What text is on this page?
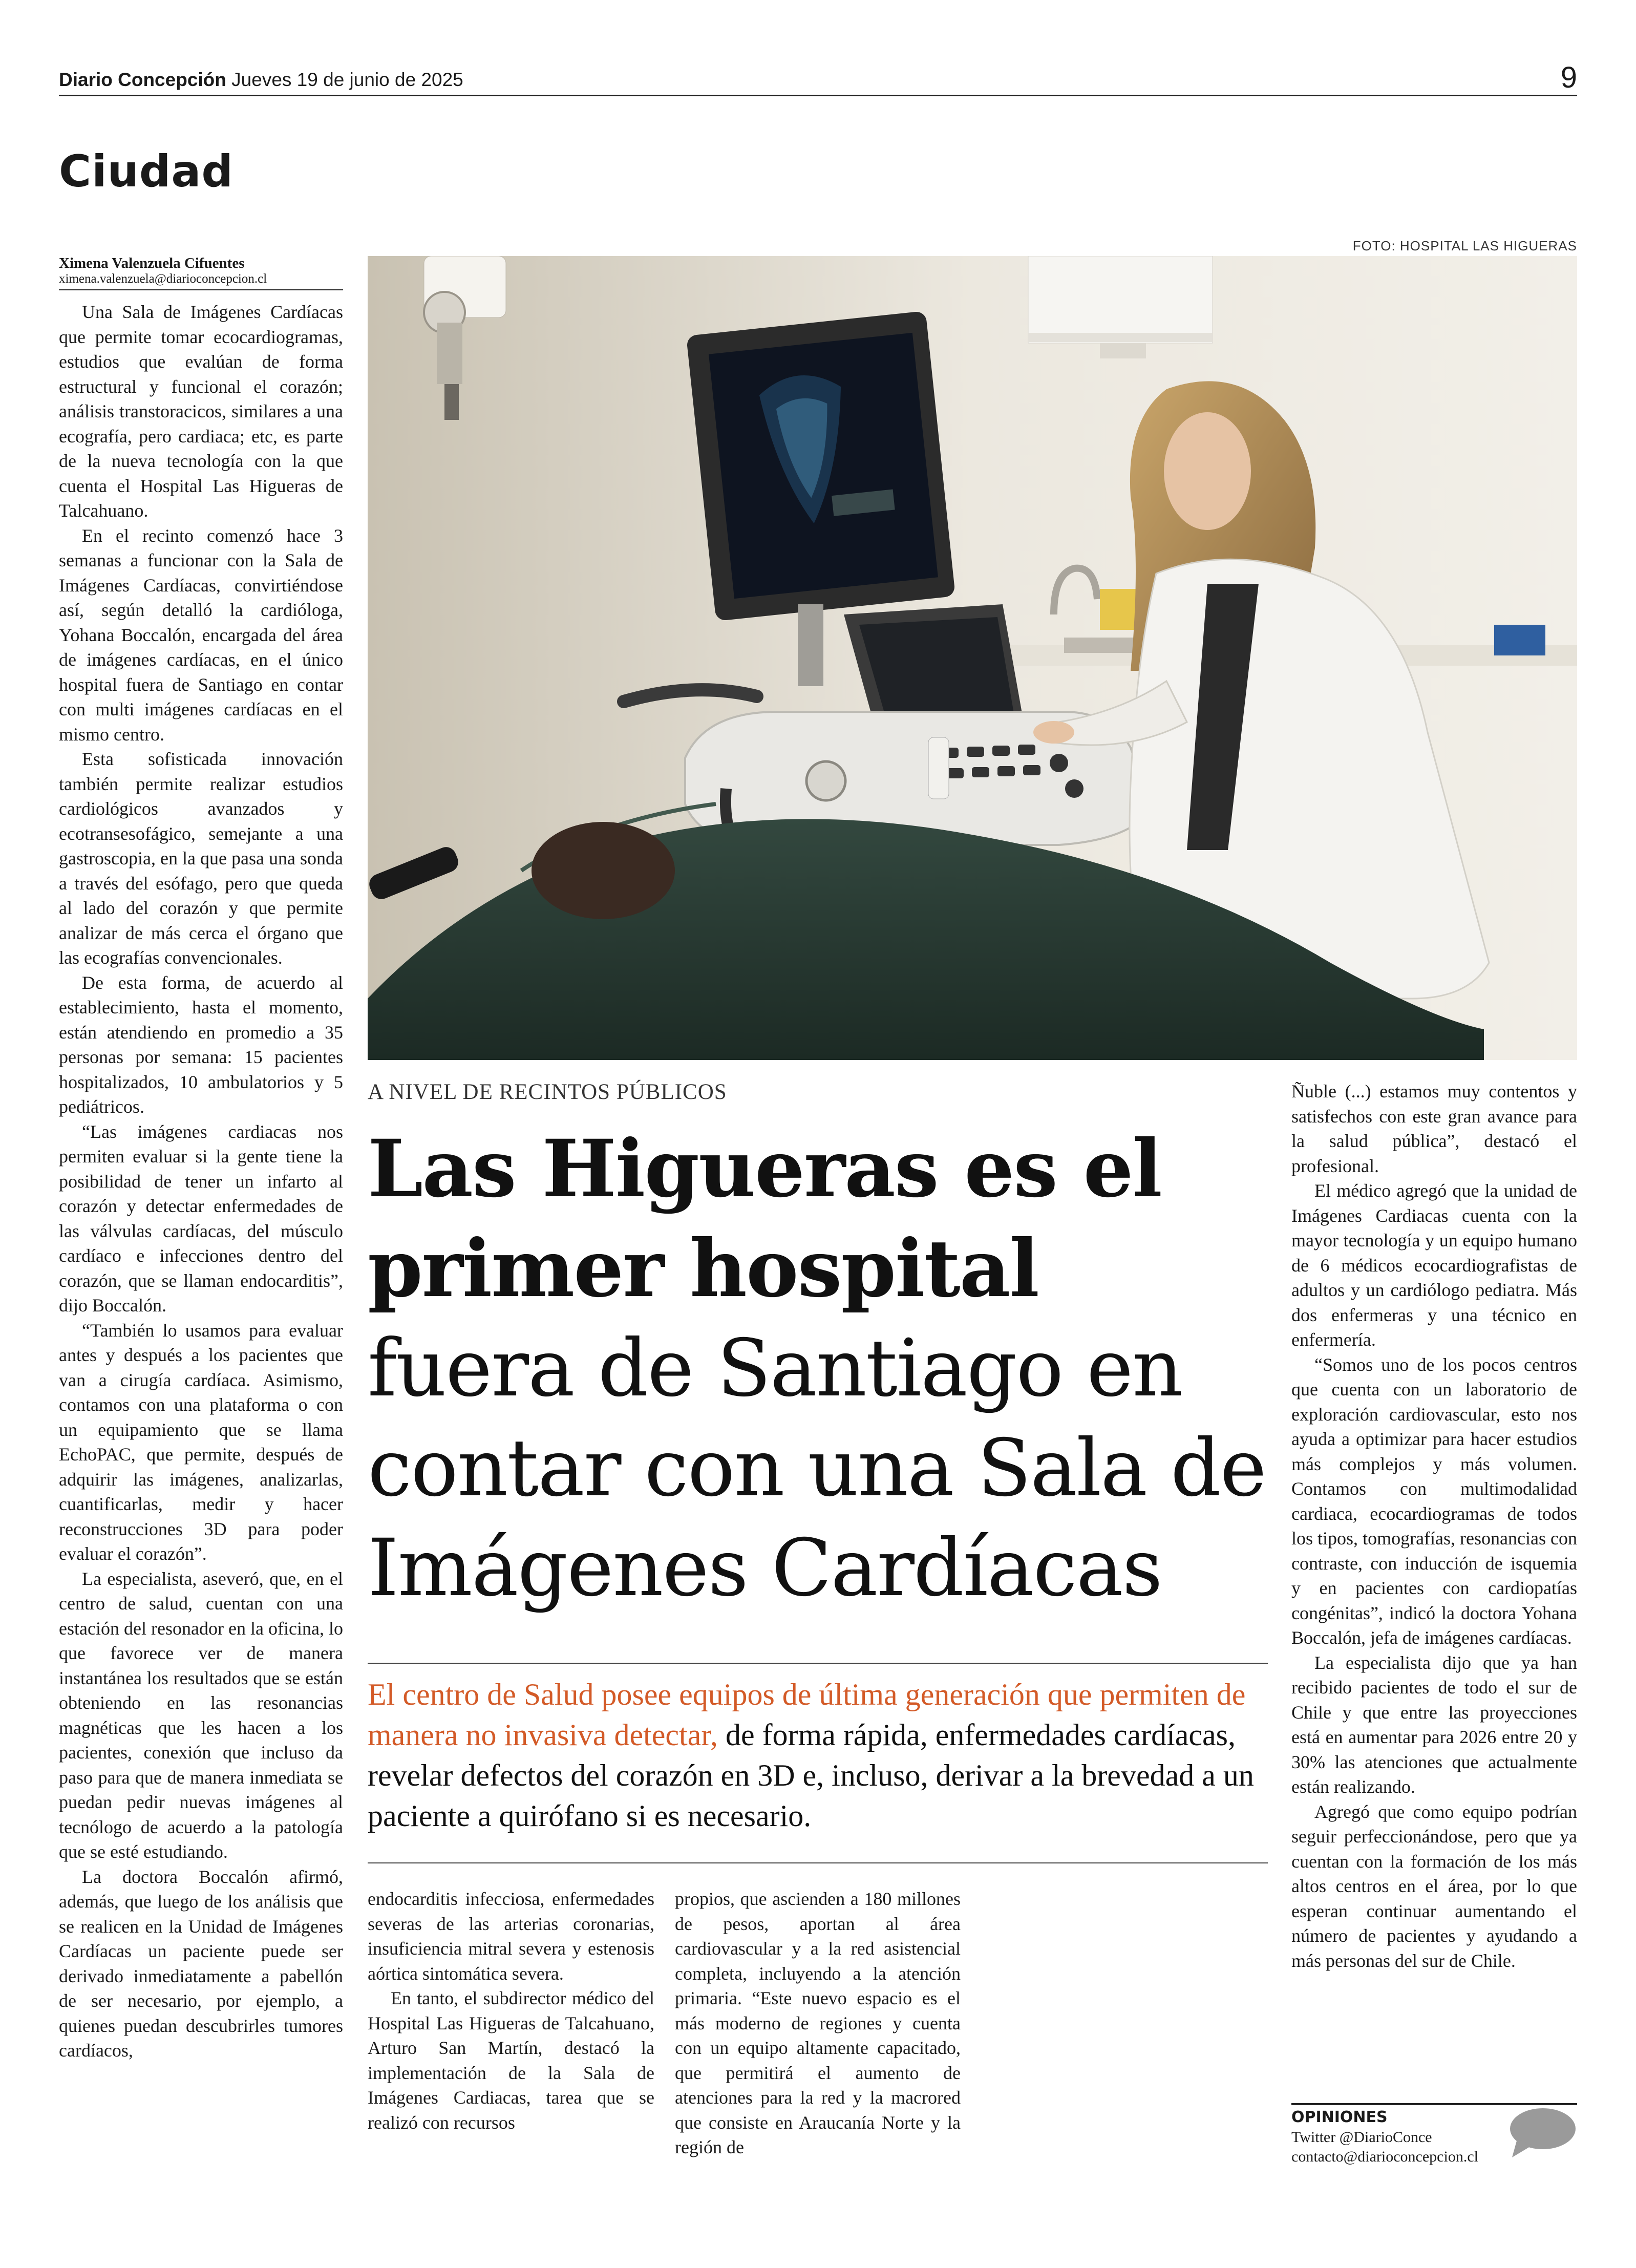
Diario Concepción Jueves 19 de junio de 2025	9
Ciudad
Ximena Valenzuela Cifuentes
ximena.valenzuela@diarioconcepcion.cl

Una Sala de Imágenes Cardíacas que permite tomar ecocardiogramas, estudios que evalúan de forma estructural y funcional el corazón; análisis transtoracicos, similares a una ecografía, pero cardiaca; etc, es parte de la nueva tecnología con la que cuenta el Hospital Las Higueras de Talcahuano.

En el recinto comenzó hace 3 semanas a funcionar con la Sala de Imágenes Cardíacas, convirtiéndose así, según detalló la cardióloga, Yohana Boccalón, encargada del área de imágenes cardíacas, en el único hospital fuera de Santiago en contar con multi imágenes cardíacas en el mismo centro.

Esta sofisticada innovación también permite realizar estudios cardiológicos avanzados y ecotransesofágico, semejante a una gastroscopia, en la que pasa una sonda a través del esófago, pero que queda al lado del corazón y que permite analizar de más cerca el órgano que las ecografías convencionales.

De esta forma, de acuerdo al establecimiento, hasta el momento, están atendiendo en promedio a 35 personas por semana: 15 pacientes hospitalizados, 10 ambulatorios y 5 pediátricos.

“Las imágenes cardiacas nos permiten evaluar si la gente tiene la posibilidad de tener un infarto al corazón y detectar enfermedades de las válvulas cardíacas, del músculo cardíaco e infecciones dentro del corazón, que se llaman endocarditis”, dijo Boccalón.

“También lo usamos para evaluar antes y después a los pacientes que van a cirugía cardíaca. Asimismo, contamos con una plataforma o con un equipamiento que se llama EchoPAC, que permite, después de adquirir las imágenes, analizarlas, cuantificarlas, medir y hacer reconstrucciones 3D para poder evaluar el corazón”.

La especialista, aseveró, que, en el centro de salud, cuentan con una estación del resonador en la oficina, lo que favorece ver de manera instantánea los resultados que se están obteniendo en las resonancias magnéticas que les hacen a los pacientes, conexión que incluso da paso para que de manera inmediata se puedan pedir nuevas imágenes al tecnólogo de acuerdo a la patología que se esté estudiando.

La doctora Boccalón afirmó, además, que luego de los análisis que se realicen en la Unidad de Imágenes Cardíacas un paciente puede ser derivado inmediatamente a pabellón de ser necesario, por ejemplo, a quienes puedan descubrirles tumores cardíacos,

FOTO: HOSPITAL LAS HIGUERAS
A NIVEL DE RECINTOS PÚBLICOS
Las Higueras es el
primer hospital
fuera de Santiago en
contar con una Sala de
Imágenes Cardíacas
El centro de Salud posee equipos de última generación que permiten de manera no invasiva detectar, de forma rápida, enfermedades cardíacas, revelar defectos del corazón en 3D e, incluso, derivar a la brevedad a un paciente a quirófano si es necesario.

endocarditis infecciosa, enfermedades severas de las arterias coronarias, insuficiencia mitral severa y estenosis aórtica sintomática severa.

En tanto, el subdirector médico del Hospital Las Higueras de Talcahuano, Arturo San Martín, destacó la implementación de la Sala de Imágenes Cardiacas, tarea que se realizó con recursos

propios, que ascienden a 180 millones de pesos, aportan al área cardiovascular y a la red asistencial completa, incluyendo a la atención primaria. “Este nuevo espacio es el más moderno de regiones y cuenta con un equipo altamente capacitado, que permitirá el aumento de atenciones para la red y la macrored que consiste en Araucanía Norte y la región de

Ñuble (...) estamos muy contentos y satisfechos con este gran avance para la salud pública”, destacó el profesional.

El médico agregó que la unidad de Imágenes Cardiacas cuenta con la mayor tecnología y un equipo humano de 6 médicos ecocardiografistas de adultos y un cardiólogo pediatra. Más dos enfermeras y una técnico en enfermería.

“Somos uno de los pocos centros que cuenta con un laboratorio de exploración cardiovascular, esto nos ayuda a optimizar para hacer estudios más complejos y más volumen. Contamos con multimodalidad cardiaca, ecocardiogramas de todos los tipos, tomografías, resonancias con contraste, con inducción de isquemia y en pacientes con cardiopatías congénitas”, indicó la doctora Yohana Boccalón, jefa de imágenes cardíacas.

La especialista dijo que ya han recibido pacientes de todo el sur de Chile y que entre las proyecciones está en aumentar para 2026 entre 20 y 30% las atenciones que actualmente están realizando.

Agregó que como equipo podrían seguir perfeccionándose, pero que ya cuentan con la formación de los más altos centros en el área, por lo que esperan continuar aumentando el número de pacientes y ayudando a más personas del sur de Chile.

OPINIONES
Twitter @DiarioConce
contacto@diarioconcepcion.cl
